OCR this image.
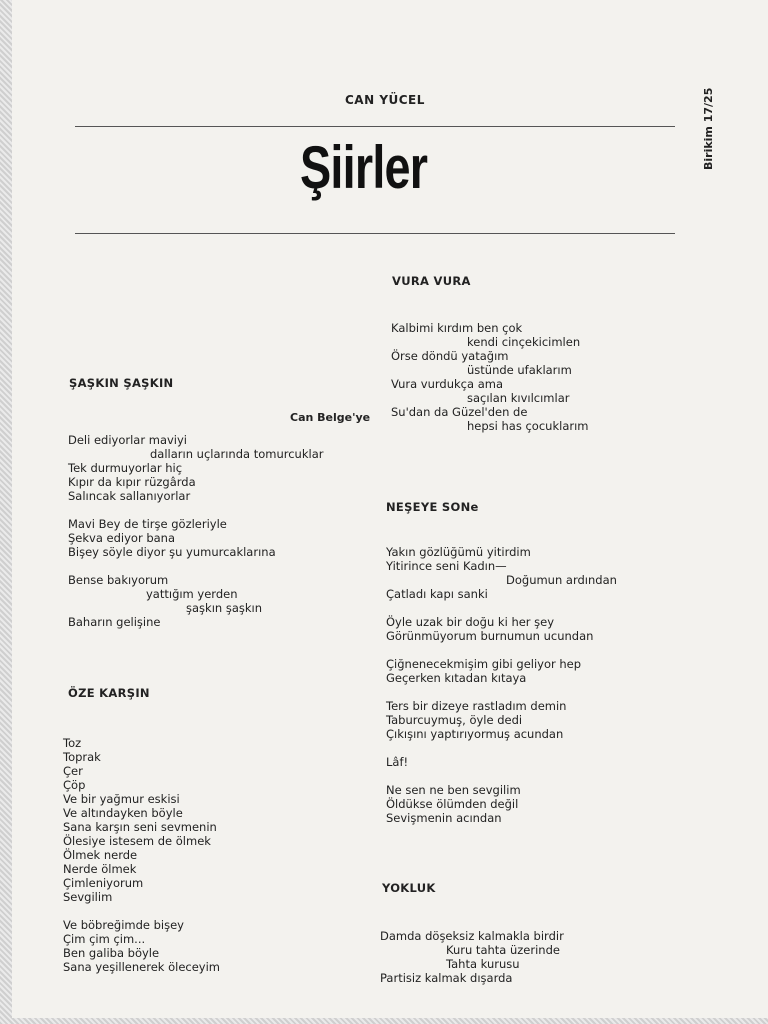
CAN YÜCEL
Şiirler	Birikim 17/25
ŞAŞKIN ŞAŞKIN
Can Belge'ye
Deli ediyorlar maviyi
dalların uçlarında tomurcuklar
Tek durmuyorlar hiç
Kıpır da kıpır rüzgârda
Salıncak sallanıyorlar
Mavi Bey de tirşe gözleriyle
Şekva ediyor bana
Bişey söyle diyor şu yumurcaklarına
Bense bakıyorum
yattığım yerden
şaşkın şaşkın
Baharın gelişine
ÖZE KARŞIN
Toz
Toprak
Çer
Çöp
Ve bir yağmur eskisi
Ve altındayken böyle
Sana karşın seni sevmenin
Ölesiye istesem de ölmek
Ölmek nerde
Nerde ölmek
Çimleniyorum
Sevgilim
Ve böbreğimde bişey
Çim çim çim...
Ben galiba böyle
Sana yeşillenerek öleceyim
VURA VURA
Kalbimi kırdım ben çok
kendi cinçekicimlen
Örse döndü yatağım
üstünde ufaklarım
Vura vurdukça ama
saçılan kıvılcımlar
Su'dan da Güzel'den de
hepsi has çocuklarım
NEŞEYE SONe
Yakın gözlüğümü yitirdim
Yitirince seni Kadın—
Doğumun ardından
Çatladı kapı sanki
Öyle uzak bir doğu ki her şey
Görünmüyorum burnumun ucundan
Çiğnenecekmişim gibi geliyor hep
Geçerken kıtadan kıtaya
Ters bir dizeye rastladım demin
Taburcuymuş, öyle dedi
Çıkışını yaptırıyormuş acundan
Lâf!
Ne sen ne ben sevgilim
Öldükse ölümden değil
Sevişmenin acından
YOKLUK
Damda döşeksiz kalmakla birdir
Kuru tahta üzerinde
Tahta kurusu
Partisiz kalmak dışarda
